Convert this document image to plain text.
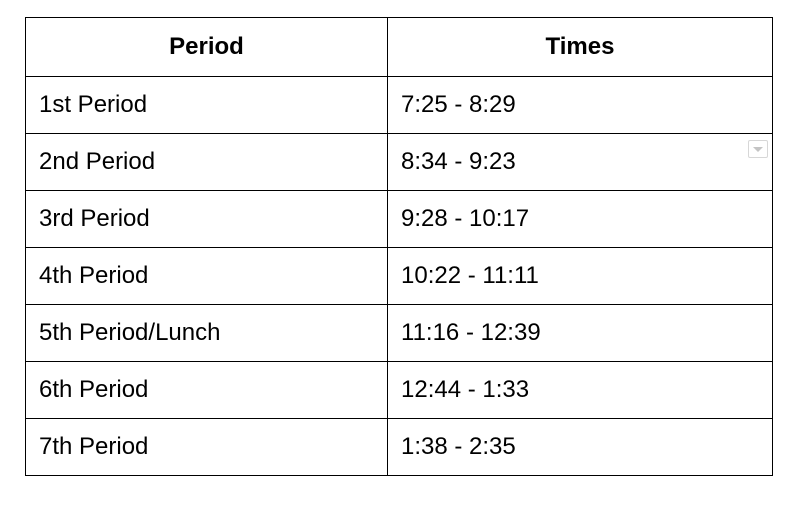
Period	Times
1st Period	7:25 - 8:29
2nd Period	8:34 - 9:23

3rd Period	9:28 - 10:17
4th Period	10:22 - 11:11
5th Period/Lunch	11:16 - 12:39
6th Period	12:44 - 1:33
7th Period	1:38 - 2:35
